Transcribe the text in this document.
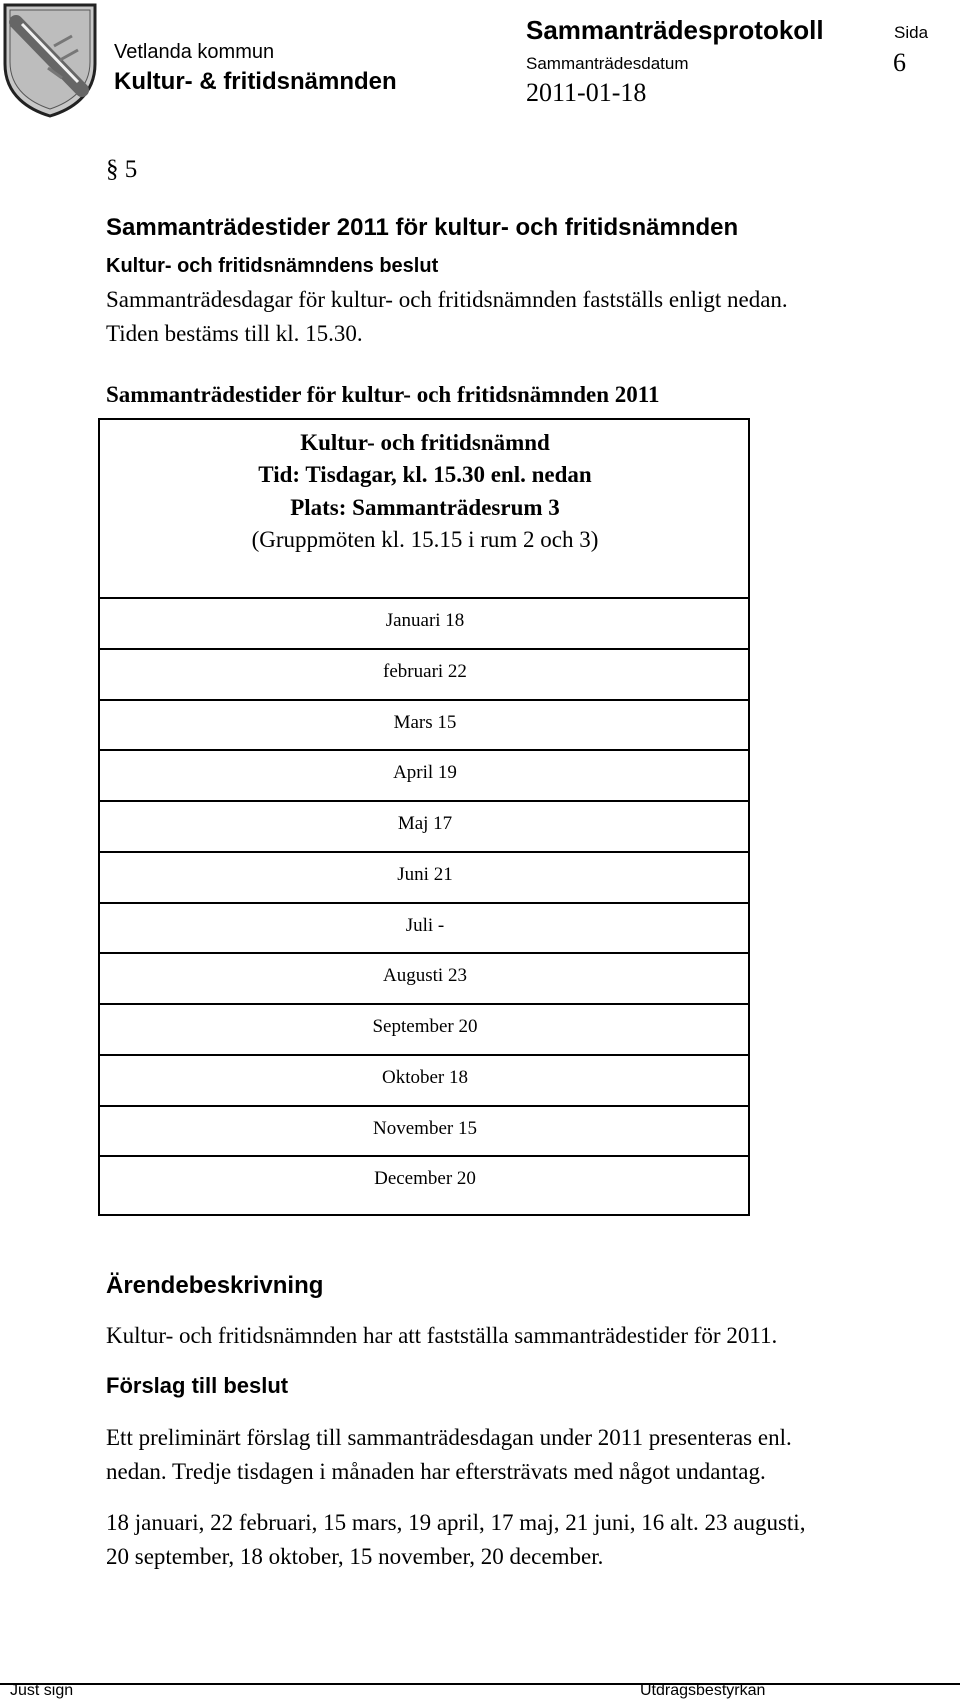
Vetlanda kommun
Kultur- & fritidsnämnden
Sammanträdesprotokoll
Sammanträdesdatum
2011-01-18
Sida
6
§ 5
Sammanträdestider 2011 för kultur- och fritidsnämnden
Kultur- och fritidsnämndens beslut
Sammanträdesdagar för kultur- och fritidsnämnden fastställs enligt nedan.
Tiden bestäms till kl. 15.30.
Sammanträdestider för kultur- och fritidsnämnden 2011
Kultur- och fritidsnämnd
Tid: Tisdagar, kl. 15.30 enl. nedan
Plats: Sammanträdesrum 3
(Gruppmöten kl. 15.15 i rum 2 och 3)
Januari 18
februari 22
Mars 15
April 19
Maj 17
Juni 21
Juli -
Augusti 23
September 20
Oktober 18
November 15
December 20
Ärendebeskrivning
Kultur- och fritidsnämnden har att fastställa sammanträdestider för 2011.
Förslag till beslut
Ett preliminärt förslag till sammanträdesdagan under 2011 presenteras enl.
nedan. Tredje tisdagen i månaden har eftersträvats med något undantag.
18 januari, 22 februari, 15 mars, 19 april, 17 maj, 21 juni, 16 alt. 23 augusti,
20 september, 18 oktober, 15 november, 20 december.
Just sign	Utdragsbestyrkan
